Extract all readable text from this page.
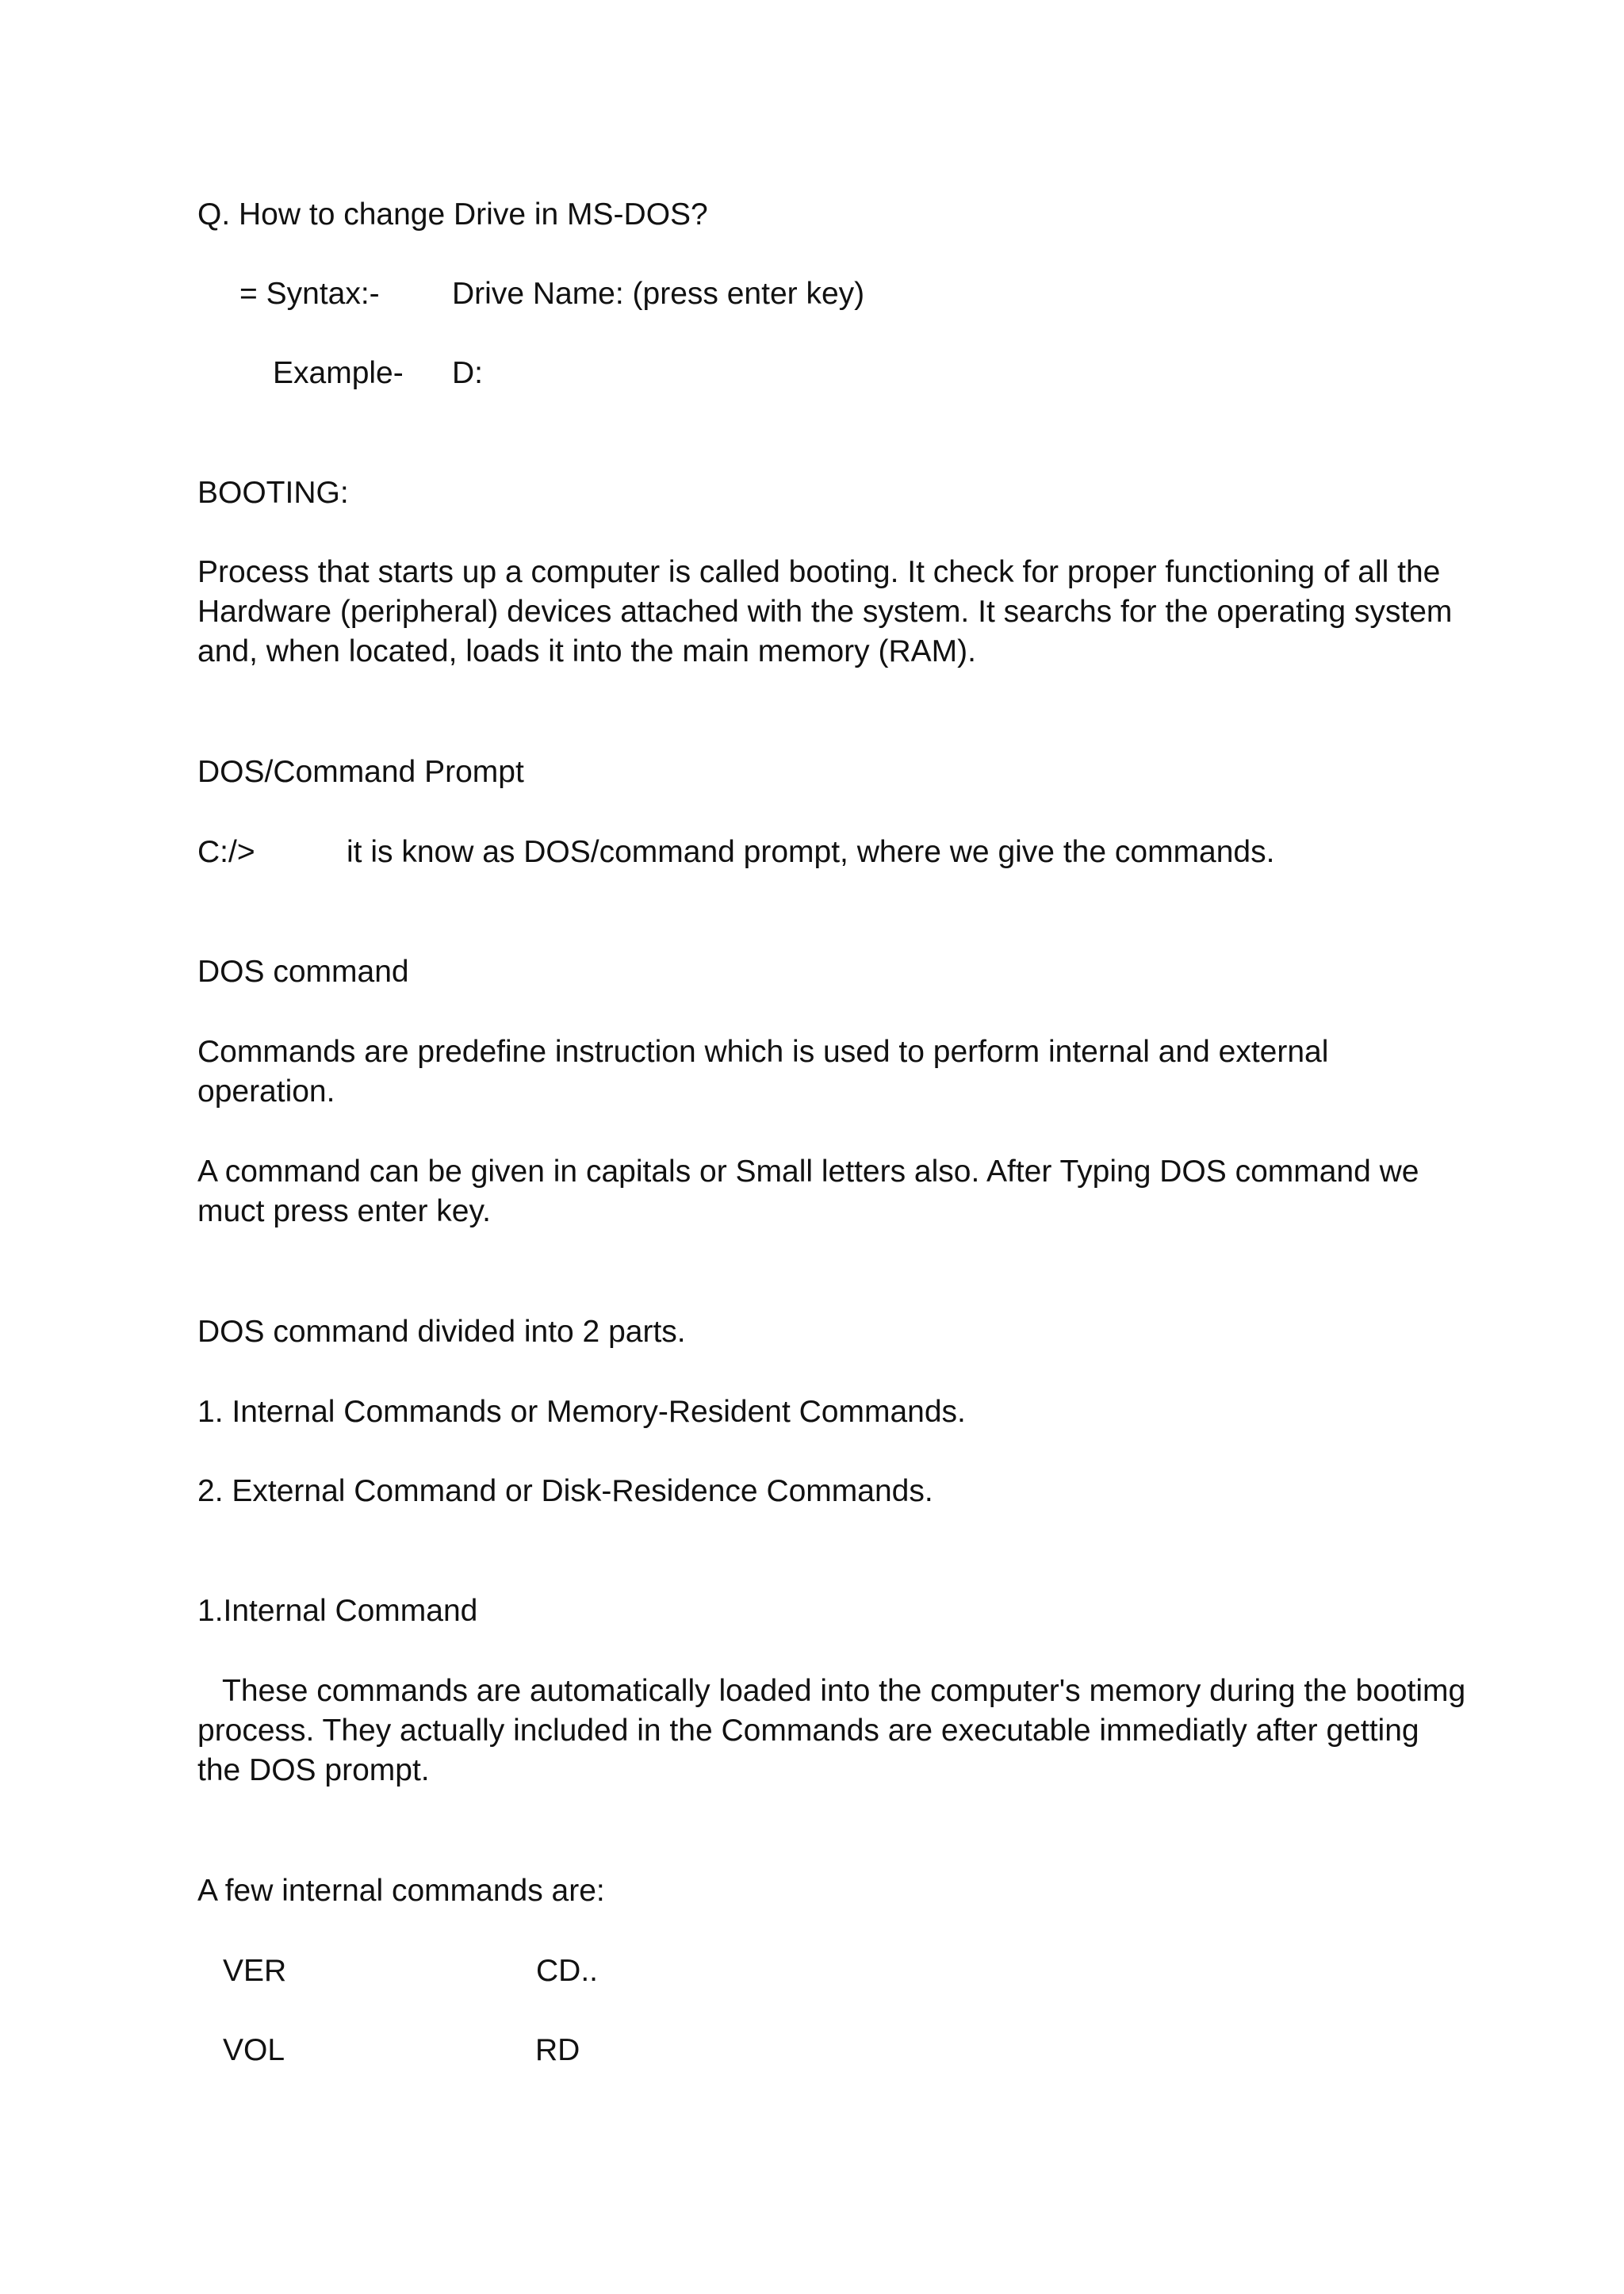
Q. How to change Drive in MS-DOS?

= Syntax:- Drive Name: (press enter key)

Example- D:

BOOTING:

Process that starts up a computer is called booting. It check for proper functioning of all the
Hardware (peripheral) devices attached with the system. It searchs for the operating system
and, when located, loads it into the main memory (RAM).

DOS/Command Prompt

C:/>	it is know as DOS/command prompt, where we give the commands.

DOS command

Commands are predefine instruction which is used to perform internal and external
operation.
A command can be given in capitals or Small letters also. After Typing DOS command we
muct press enter key.

DOS command divided into 2 parts.

1. Internal Commands or Memory-Resident Commands.

2. External Command or Disk-Residence Commands.

1.Internal Command

These commands are automatically loaded into the computer's memory during the bootimg
process. They actually included in the Commands are executable immediatly after getting
the DOS prompt.

A few internal commands are:

VER	CD..

VOL	RD
